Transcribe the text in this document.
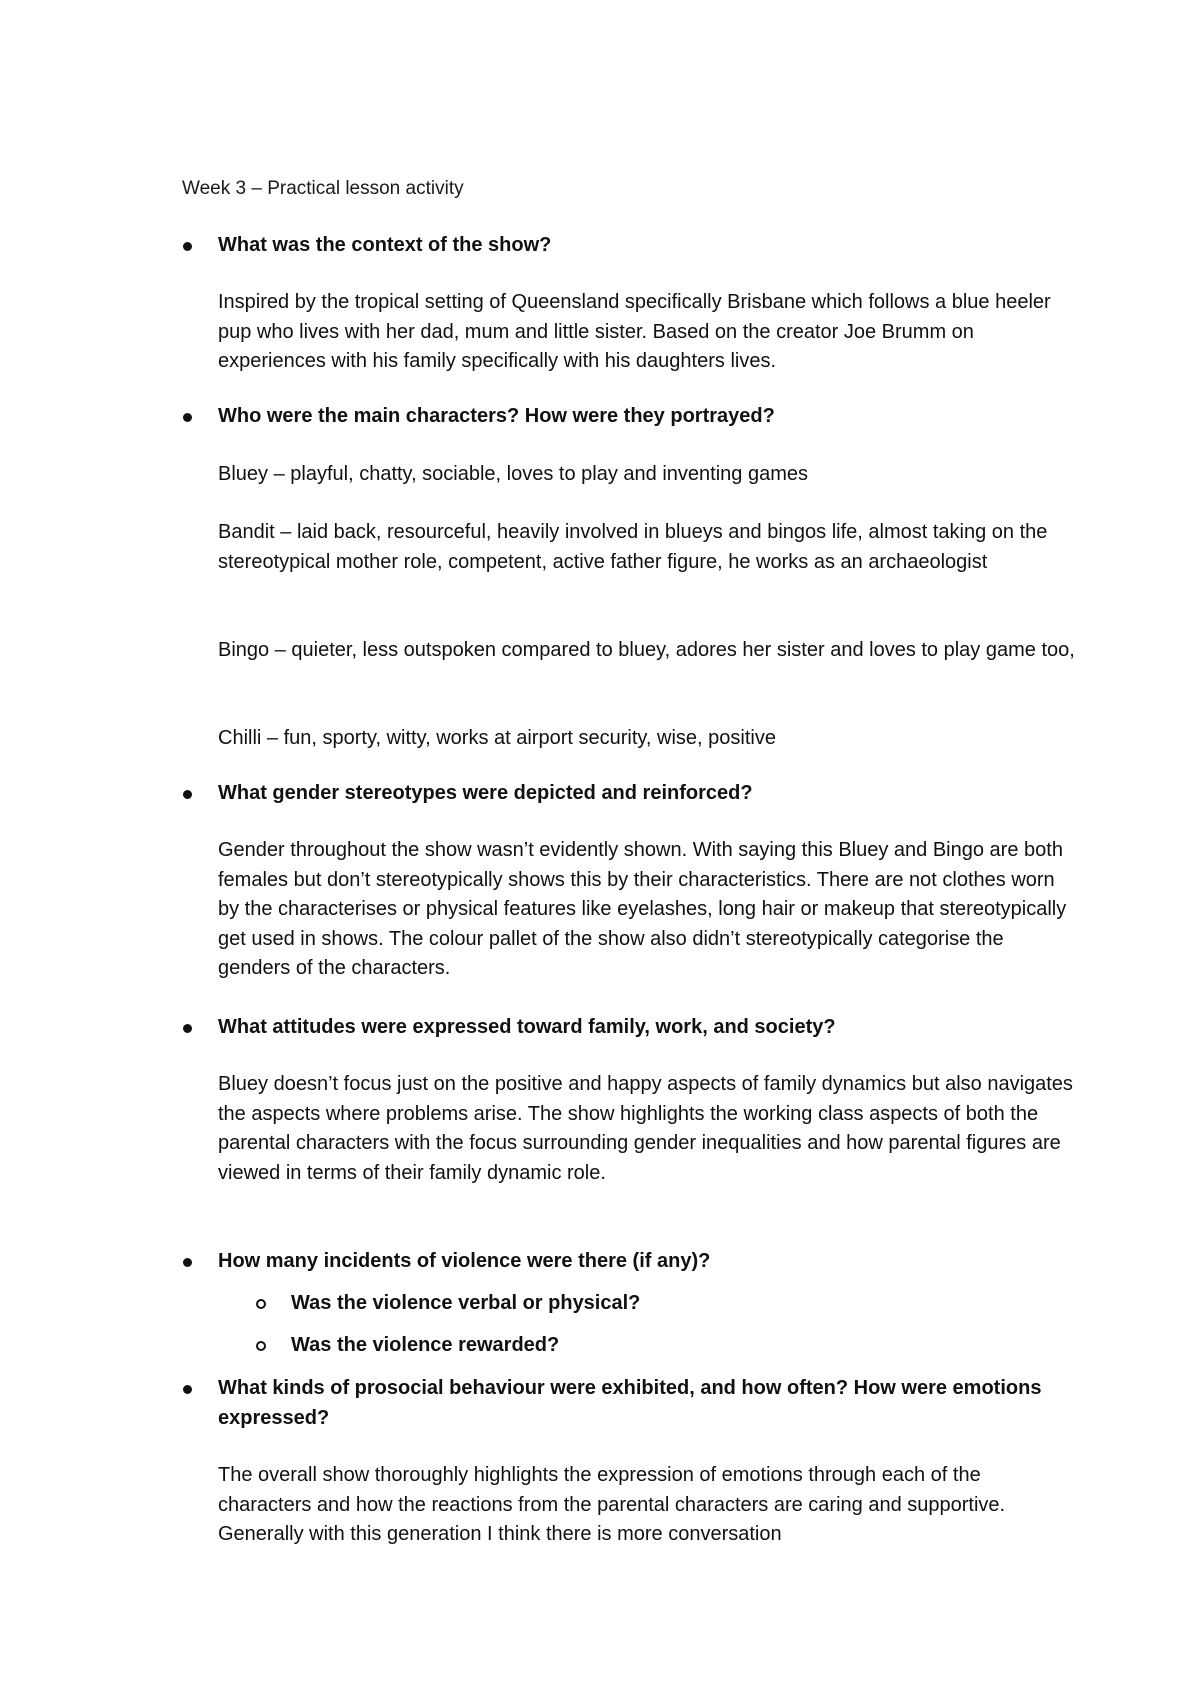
Week 3 – Practical lesson activity
What was the context of the show?
Inspired by the tropical setting of Queensland specifically Brisbane which follows a blue heeler pup who lives with her dad, mum and little sister. Based on the creator Joe Brumm on experiences with his family specifically with his daughters lives.
Who were the main characters? How were they portrayed?
Bluey – playful, chatty, sociable, loves to play and inventing games
Bandit – laid back, resourceful, heavily involved in blueys and bingos life, almost taking on the stereotypical mother role, competent, active father figure, he works as an archaeologist
Bingo – quieter, less outspoken compared to bluey, adores her sister and loves to play game too,
Chilli – fun, sporty, witty, works at airport security, wise, positive
What gender stereotypes were depicted and reinforced?
Gender throughout the show wasn’t evidently shown. With saying this Bluey and Bingo are both females but don’t stereotypically shows this by their characteristics. There are not clothes worn by the characterises or physical features like eyelashes, long hair or makeup that stereotypically get used in shows. The colour pallet of the show also didn’t stereotypically categorise the genders of the characters.
What attitudes were expressed toward family, work, and society?
Bluey doesn’t focus just on the positive and happy aspects of family dynamics but also navigates the aspects where problems arise. The show highlights the working class aspects of both the parental characters with the focus surrounding gender inequalities and how parental figures are viewed in terms of their family dynamic role.
How many incidents of violence were there (if any)?
Was the violence verbal or physical?
Was the violence rewarded?
What kinds of prosocial behaviour were exhibited, and how often? How were emotions expressed?
The overall show thoroughly highlights the expression of emotions through each of the characters and how the reactions from the parental characters are caring and supportive. Generally with this generation I think there is more conversation
